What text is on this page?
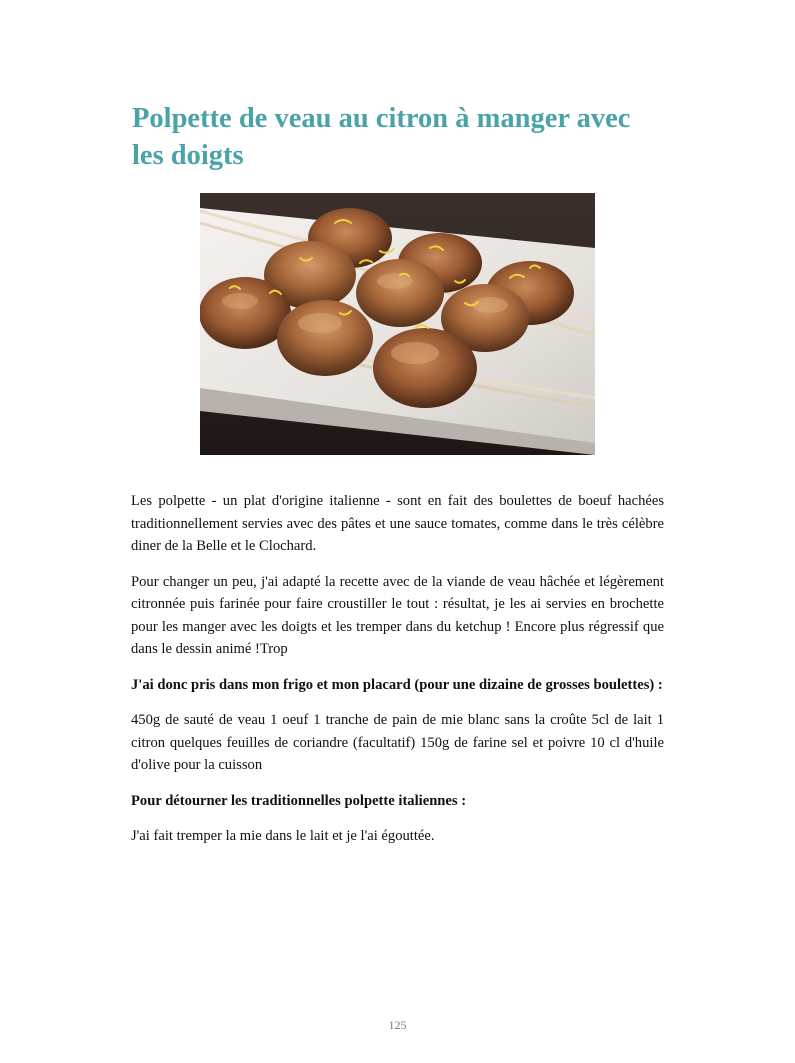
Polpette de veau au citron à manger avec les doigts

Les polpette - un plat d'origine italienne - sont en fait des boulettes de boeuf hachées traditionnellement servies avec des pâtes et une sauce tomates, comme dans le très célèbre diner de la Belle et le Clochard.

Pour changer un peu, j'ai adapté la recette avec de la viande de veau hâchée et légèrement citronnée puis farinée pour faire croustiller le tout : résultat, je les ai servies en brochette pour les manger avec les doigts et les tremper dans du ketchup ! Encore plus régressif que dans le dessin animé !Trop

J'ai donc pris dans mon frigo et mon placard (pour une dizaine de grosses boulettes) :

450g de sauté de veau 1 oeuf 1 tranche de pain de mie blanc sans la croûte 5cl de lait 1 citron quelques feuilles de coriandre (facultatif) 150g de farine sel et poivre 10 cl d'huile d'olive pour la cuisson

Pour détourner les traditionnelles polpette italiennes :

J'ai fait tremper la mie dans le lait et je l'ai égouttée.

125
